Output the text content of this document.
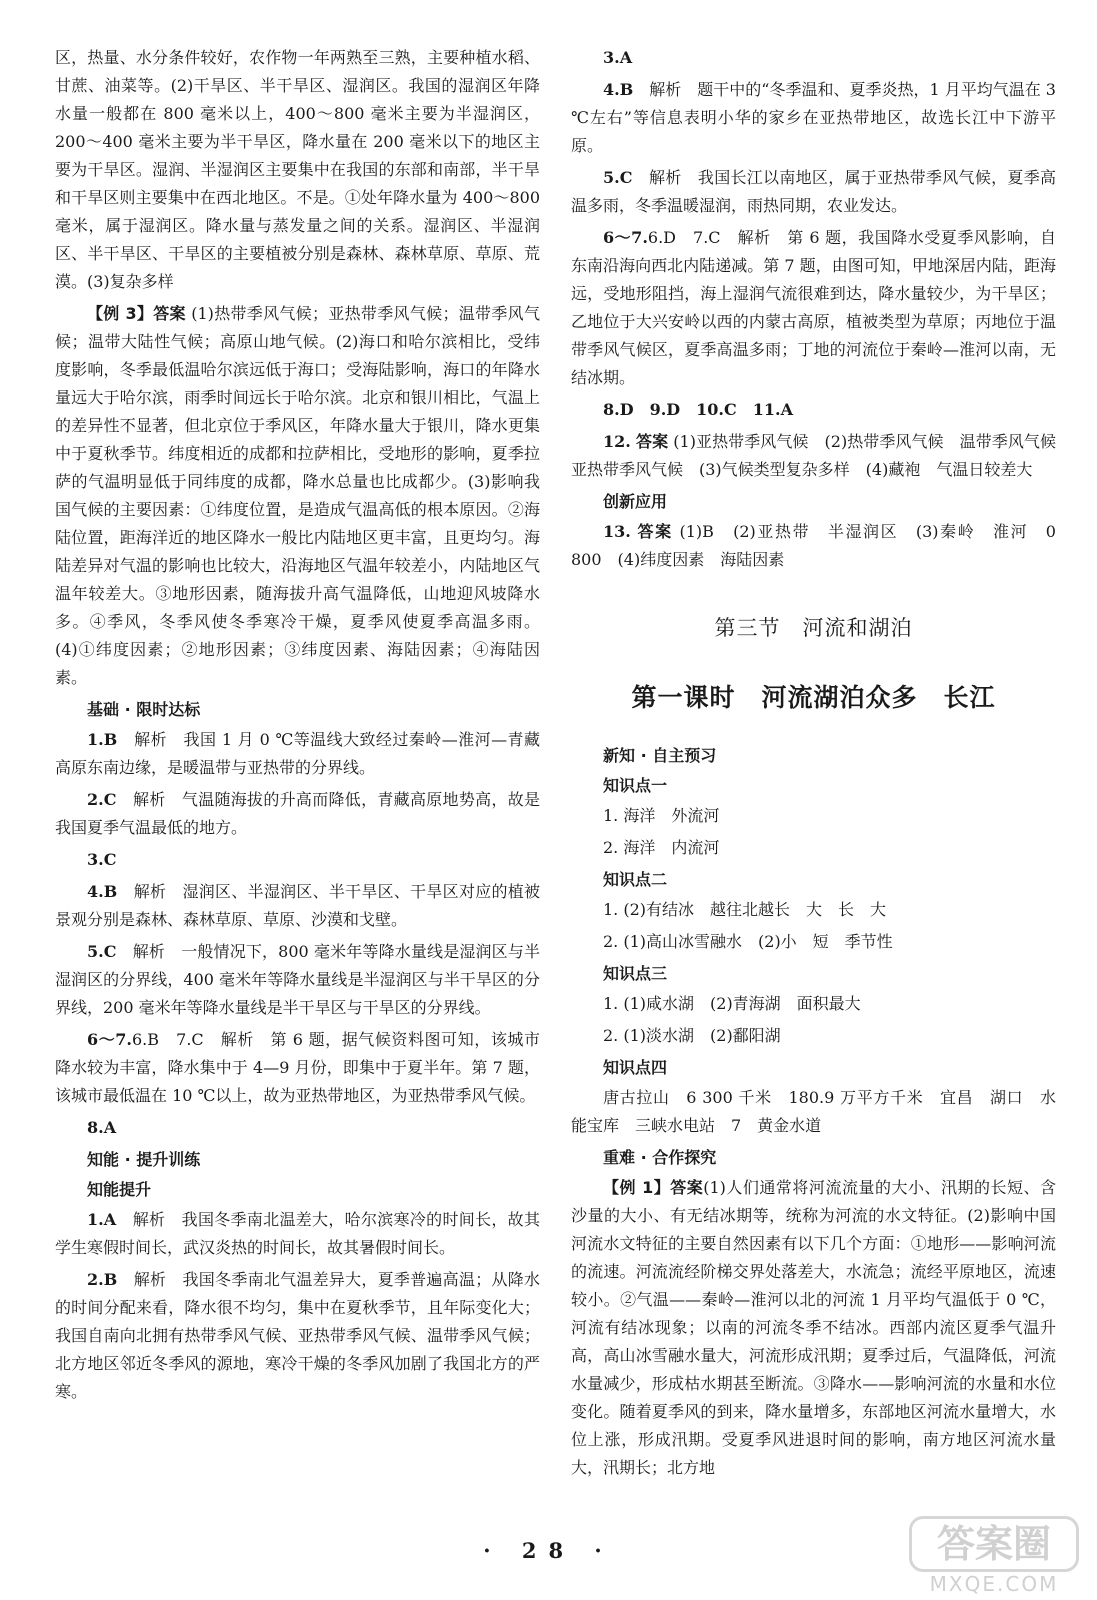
区，热量、水分条件较好，农作物一年两熟至三熟，主要种植水稻、甘蔗、油菜等。(2)干旱区、半干旱区、湿润区。我国的湿润区年降水量一般都在 800 毫米以上，400～800 毫米主要为半湿润区，200～400 毫米主要为半干旱区，降水量在 200 毫米以下的地区主要为干旱区。湿润、半湿润区主要集中在我国的东部和南部，半干旱和干旱区则主要集中在西北地区。不是。①处年降水量为 400～800 毫米，属于湿润区。降水量与蒸发量之间的关系。湿润区、半湿润区、半干旱区、干旱区的主要植被分别是森林、森林草原、草原、荒漠。(3)复杂多样

【例 3】答案 (1)热带季风气候；亚热带季风气候；温带季风气候；温带大陆性气候；高原山地气候。(2)海口和哈尔滨相比，受纬度影响，冬季最低温哈尔滨远低于海口；受海陆影响，海口的年降水量远大于哈尔滨，雨季时间远长于哈尔滨。北京和银川相比，气温上的差异性不显著，但北京位于季风区，年降水量大于银川，降水更集中于夏秋季节。纬度相近的成都和拉萨相比，受地形的影响，夏季拉萨的气温明显低于同纬度的成都，降水总量也比成都少。(3)影响我国气候的主要因素：①纬度位置，是造成气温高低的根本原因。②海陆位置，距海洋近的地区降水一般比内陆地区更丰富，且更均匀。海陆差异对气温的影响也比较大，沿海地区气温年较差小，内陆地区气温年较差大。③地形因素，随海拔升高气温降低，山地迎风坡降水多。④季风，冬季风使冬季寒冷干燥，夏季风使夏季高温多雨。(4)①纬度因素；②地形因素；③纬度因素、海陆因素；④海陆因素。

基础 · 限时达标

1.B　 解析　我国 1 月 0 ℃等温线大致经过秦岭—淮河—青藏高原东南边缘，是暖温带与亚热带的分界线。

2.C　 解析　气温随海拔的升高而降低，青藏高原地势高，故是我国夏季气温最低的地方。

3.C

4.B　 解析　湿润区、半湿润区、半干旱区、干旱区对应的植被景观分别是森林、森林草原、草原、沙漠和戈壁。

5.C　 解析　一般情况下，800 毫米年等降水量线是湿润区与半湿润区的分界线，400 毫米年等降水量线是半湿润区与半干旱区的分界线，200 毫米年等降水量线是半干旱区与干旱区的分界线。

6～7.6.B　7.C　 解析　第 6 题，据气候资料图可知，该城市降水较为丰富，降水集中于 4—9 月份，即集中于夏半年。第 7 题，该城市最低温在 10 ℃以上，故为亚热带地区，为亚热带季风气候。

8.A

知能 · 提升训练
知能提升

1.A　 解析　我国冬季南北温差大，哈尔滨寒冷的时间长，故其学生寒假时间长，武汉炎热的时间长，故其暑假时间长。

2.B　 解析　我国冬季南北气温差异大，夏季普遍高温；从降水的时间分配来看，降水很不均匀，集中在夏秋季节，且年际变化大；我国自南向北拥有热带季风气候、亚热带季风气候、温带季风气候；北方地区邻近冬季风的源地，寒冷干燥的冬季风加剧了我国北方的严寒。

3.A

4.B　 解析　题干中的“冬季温和、夏季炎热，1 月平均气温在 3 ℃左右”等信息表明小华的家乡在亚热带地区，故选长江中下游平原。

5.C　 解析　我国长江以南地区，属于亚热带季风气候，夏季高温多雨，冬季温暖湿润，雨热同期，农业发达。

6～7.6.D　7.C　 解析　第 6 题，我国降水受夏季风影响，自东南沿海向西北内陆递减。第 7 题，由图可知，甲地深居内陆，距海远，受地形阻挡，海上湿润气流很难到达，降水量较少，为干旱区；乙地位于大兴安岭以西的内蒙古高原，植被类型为草原；丙地位于温带季风气候区，夏季高温多雨；丁地的河流位于秦岭—淮河以南，无结冰期。

8.D　9.D　10.C　11.A

12. 答案 (1)亚热带季风气候　(2)热带季风气候　温带季风气候　亚热带季风气候　(3)气候类型复杂多样　(4)藏袍　气温日较差大

创新应用

13. 答案 (1)B　(2)亚热带　半湿润区　(3)秦岭　淮河　0　800　(4)纬度因素　海陆因素

第三节　河流和湖泊
第一课时　河流湖泊众多　长江
新知 · 自主预习
知识点一

1. 海洋　外流河

2. 海洋　内流河

知识点二

1. (2)有结冰　越往北越长　大　长　大

2. (1)高山冰雪融水　(2)小　短　季节性

知识点三

1. (1)咸水湖　(2)青海湖　面积最大

2. (1)淡水湖　(2)鄱阳湖

知识点四

唐古拉山　6 300 千米　180.9 万平方千米　宜昌　湖口　水能宝库　三峡水电站　7　黄金水道

重难 · 合作探究

【例 1】答案(1)人们通常将河流流量的大小、汛期的长短、含沙量的大小、有无结冰期等，统称为河流的水文特征。(2)影响中国河流水文特征的主要自然因素有以下几个方面：①地形——影响河流的流速。河流流经阶梯交界处落差大，水流急；流经平原地区，流速较小。②气温——秦岭—淮河以北的河流 1 月平均气温低于 0 ℃，河流有结冰现象；以南的河流冬季不结冰。西部内流区夏季气温升高，高山冰雪融水量大，河流形成汛期；夏季过后，气温降低，河流水量减少，形成枯水期甚至断流。③降水——影响河流的水量和水位变化。随着夏季风的到来，降水量增多，东部地区河流水量增大，水位上涨，形成汛期。受夏季风进退时间的影响，南方地区河流水量大，汛期长；北方地

· 28 ·	答案圈
MXQE.COM
